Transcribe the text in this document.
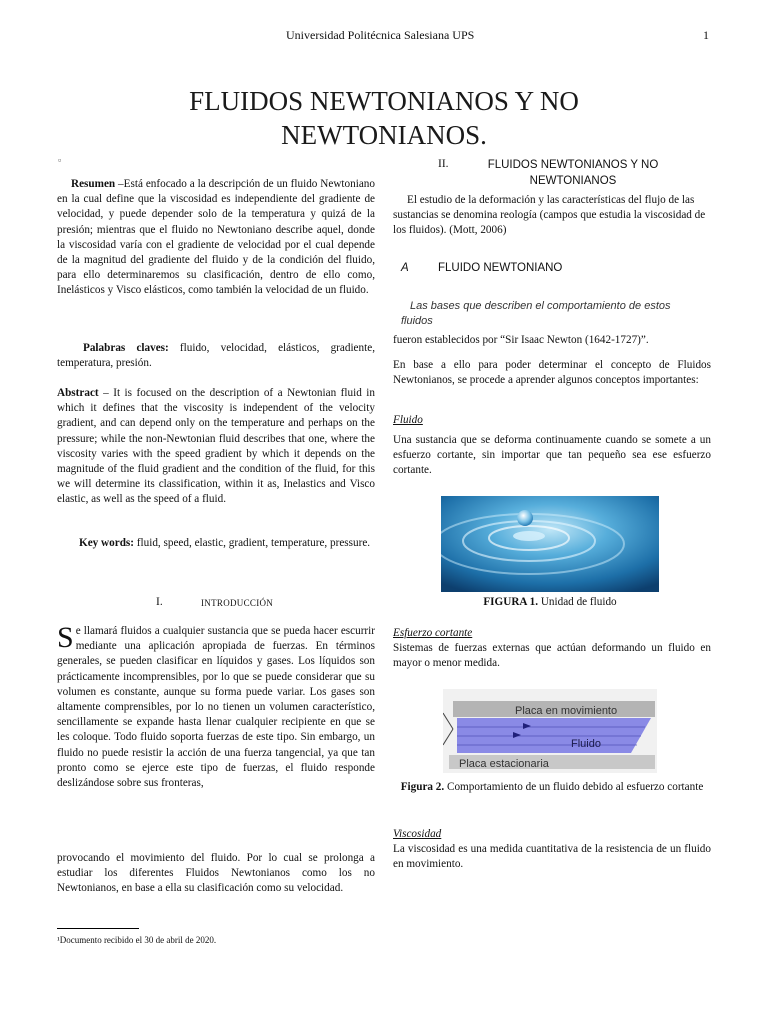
Universidad Politécnica Salesiana UPS	1
FLUIDOS NEWTONIANOS Y NO
NEWTONIANOS.
▫
Resumen –Está enfocado a la descripción de un fluido Newtoniano en la cual define que la viscosidad es independiente del gradiente de velocidad, y puede depender solo de la temperatura y quizá de la presión; mientras que el fluido no Newtoniano describe aquel, donde la viscosidad varía con el gradiente de velocidad por el cual depende de la magnitud del gradiente del fluido y de la condición del fluido, para ello determinaremos su clasificación, dentro de ello como, Inelásticos y Visco elásticos, como también la velocidad de un fluido.
Palabras claves: fluido, velocidad, elásticos, gradiente, temperatura, presión.
Abstract – It is focused on the description of a Newtonian fluid in which it defines that the viscosity is independent of the velocity gradient, and can depend only on the temperature and perhaps on the pressure; while the non-Newtonian fluid describes that one, where the viscosity varies with the speed gradient by which it depends on the magnitude of the fluid gradient and the condition of the fluid, for this we will determine its classification, within it as, Inelastics and Visco elastic, as well as the speed of a fluid.
Key words: fluid, speed, elastic, gradient, temperature, pressure.
I.	INTRODUCCIÓN
Se llamará fluidos a cualquier sustancia que se pueda hacer escurrir mediante una aplicación apropiada de fuerzas. En términos generales, se pueden clasificar en líquidos y gases. Los líquidos son prácticamente incomprensibles, por lo que se puede considerar que su volumen es constante, aunque su forma puede variar. Los gases son altamente comprensibles, por lo no tienen un volumen característico, sencillamente se expande hasta llenar cualquier recipiente en que se les coloque. Todo fluido soporta fuerzas de este tipo. Sin embargo, un fluido no puede resistir la acción de una fuerza tangencial, ya que tan pronto como se ejerce este tipo de fuerzas, el fluido responde deslizándose sobre sus fronteras,
provocando el movimiento del fluido. Por lo cual se prolonga a estudiar los diferentes Fluidos Newtonianos como los no Newtonianos, en base a ella su clasificación como su velocidad.
¹Documento recibido el 30 de abril de 2020.
II.	FLUIDOS NEWTONIANOS Y NO
NEWTONIANOS
El estudio de la deformación y las características del flujo de las sustancias se denomina reología (campos que estudia la viscosidad de los fluidos). (Mott, 2006)
A	FLUIDO NEWTONIANO
Las bases que describen el comportamiento de estos
fluidos
fueron establecidos por “Sir Isaac Newton (1642-1727)”.
En base a ello para poder determinar el concepto de Fluidos Newtonianos, se procede a aprender algunos conceptos importantes:
Fluido
Una sustancia que se deforma continuamente cuando se somete a un esfuerzo cortante, sin importar que tan pequeño sea ese esfuerzo cortante.
FIGURA 1. Unidad de fluido
Esfuerzo cortante
Sistemas de fuerzas externas que actúan deformando un fluido en mayor o menor medida.
Placa en movimiento
Fluido
Placa estacionaria
Figura 2. Comportamiento de un fluido debido al esfuerzo cortante
Viscosidad
La viscosidad es una medida cuantitativa de la resistencia de un fluido en movimiento.
